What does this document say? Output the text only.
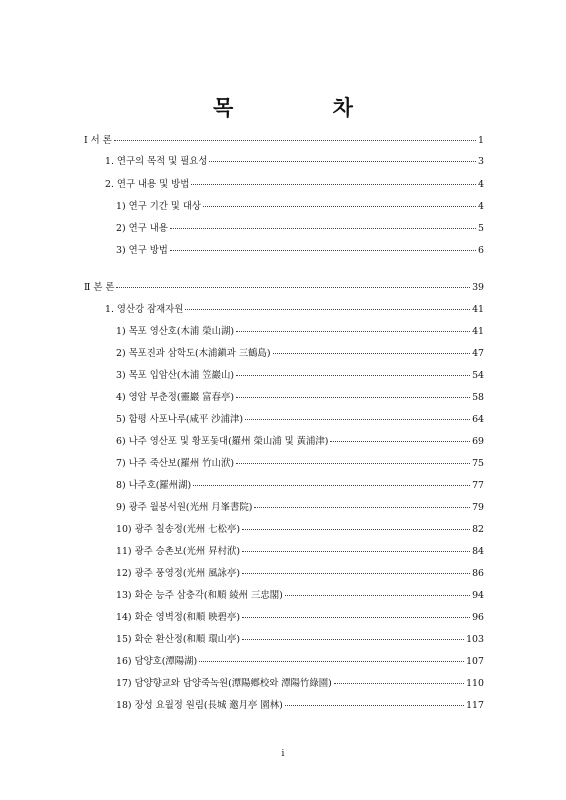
목 차
Ⅰ 서 론	1
1. 연구의 목적 및 필요성	3
2. 연구 내용 및 방법	4
1) 연구 기간 및 대상	4
2) 연구 내용	5
3) 연구 방법	6
Ⅱ 본 론	39
1. 영산강 잠재자원	41
1) 목포 영산호(木浦 榮山湖)	41
2) 목포진과 삼학도(木浦鎭과 三鶴島)	47
3) 목포 입암산(木浦 笠巖山)	54
4) 영암 부춘정(靈巖 富春亭)	58
5) 함평 사포나루(咸平 沙浦津)	64
6) 나주 영산포 및 황포돛대(羅州 榮山浦 및 黃浦津)	69
7) 나주 죽산보(羅州 竹山洑)	75
8) 나주호(羅州湖)	77
9) 광주 월봉서원(光州 月峯書院)	79
10) 광주 칠송정(光州 七松亭)	82
11) 광주 승촌보(光州 昇村洑)	84
12) 광주 풍영정(光州 風詠亭)	86
13) 화순 능주 삼충각(和順 綾州 三忠閣)	94
14) 화순 영벽정(和順 映碧亭)	96
15) 화순 환산정(和順 環山亭)	103
16) 담양호(潭陽湖)	107
17) 담양향교와 담양죽녹원(潭陽鄕校와 潭陽竹綠園)	110
18) 장성 요월정 원림(長城 邀月亭 園林)	117
i
